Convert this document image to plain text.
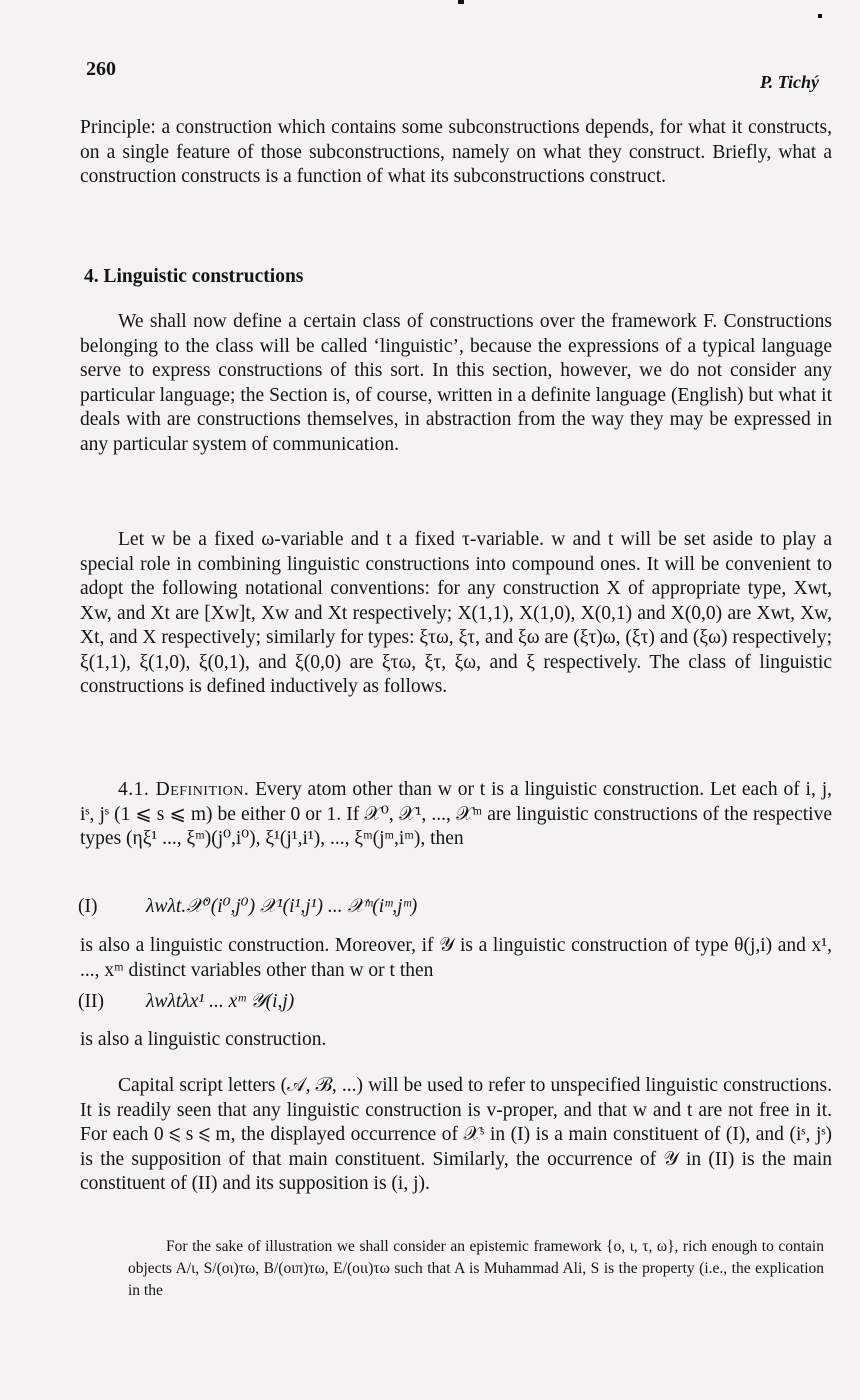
260
P. Tichý

Principle: a construction which contains some subconstructions depends, for what it constructs, on a single feature of those subconstructions, namely on what they construct. Briefly, what a construction constructs is a function of what its subconstructions construct.

4. Linguistic constructions

We shall now define a certain class of constructions over the framework F. Constructions belonging to the class will be called ‘linguistic’, because the expressions of a typical language serve to express constructions of this sort. In this section, however, we do not consider any particular language; the Section is, of course, written in a definite language (English) but what it deals with are constructions themselves, in abstraction from the way they may be expressed in any particular system of communication.

Let w be a fixed ω-variable and t a fixed τ-variable. w and t will be set aside to play a special role in combining linguistic constructions into compound ones. It will be convenient to adopt the following notational conventions: for any construction X of appropriate type, Xwt, Xw, and Xt are [Xw]t, Xw and Xt respectively; X(1,1), X(1,0), X(0,1) and X(0,0) are Xwt, Xw, Xt, and X respectively; similarly for types: ξτω, ξτ, and ξω are (ξτ)ω, (ξτ) and (ξω) respectively; ξ(1,1), ξ(1,0), ξ(0,1), and ξ(0,0) are ξτω, ξτ, ξω, and ξ respectively. The class of linguistic constructions is defined inductively as follows.

4.1. Definition. Every atom other than w or t is a linguistic construction. Let each of i, j, iˢ, jˢ (1 ⩽ s ⩽ m) be either 0 or 1. If 𝒳⁰, 𝒳¹, ..., 𝒳ᵐ are linguistic constructions of the respective types (ηξ¹ ..., ξᵐ)(j⁰,i⁰), ξ¹(j¹,i¹), ..., ξᵐ(jᵐ,iᵐ), then

(I) λwλt.𝒳⁰(i⁰,j⁰) 𝒳¹(i¹,j¹) ... 𝒳ᵐ(iᵐ,jᵐ)

is also a linguistic construction. Moreover, if 𝒴 is a linguistic construction of type θ(j,i) and x¹, ..., xᵐ distinct variables other than w or t then

(II) λwλtλx¹ ... xᵐ 𝒴(i,j)

is also a linguistic construction.

Capital script letters (𝒜, ℬ, ...) will be used to refer to unspecified linguistic constructions. It is readily seen that any linguistic construction is v-proper, and that w and t are not free in it. For each 0 ⩽ s ⩽ m, the displayed occurrence of 𝒳ˢ in (I) is a main constituent of (I), and (iˢ, jˢ) is the supposition of that main constituent. Similarly, the occurrence of 𝒴 in (II) is the main constituent of (II) and its supposition is (i, j).

For the sake of illustration we shall consider an epistemic framework {ο, ι, τ, ω}, rich enough to contain objects A/ι, S/(οι)τω, B/(οιπ)τω, E/(οιι)τω such that A is Muhammad Ali, S is the property (i.e., the explication in the
